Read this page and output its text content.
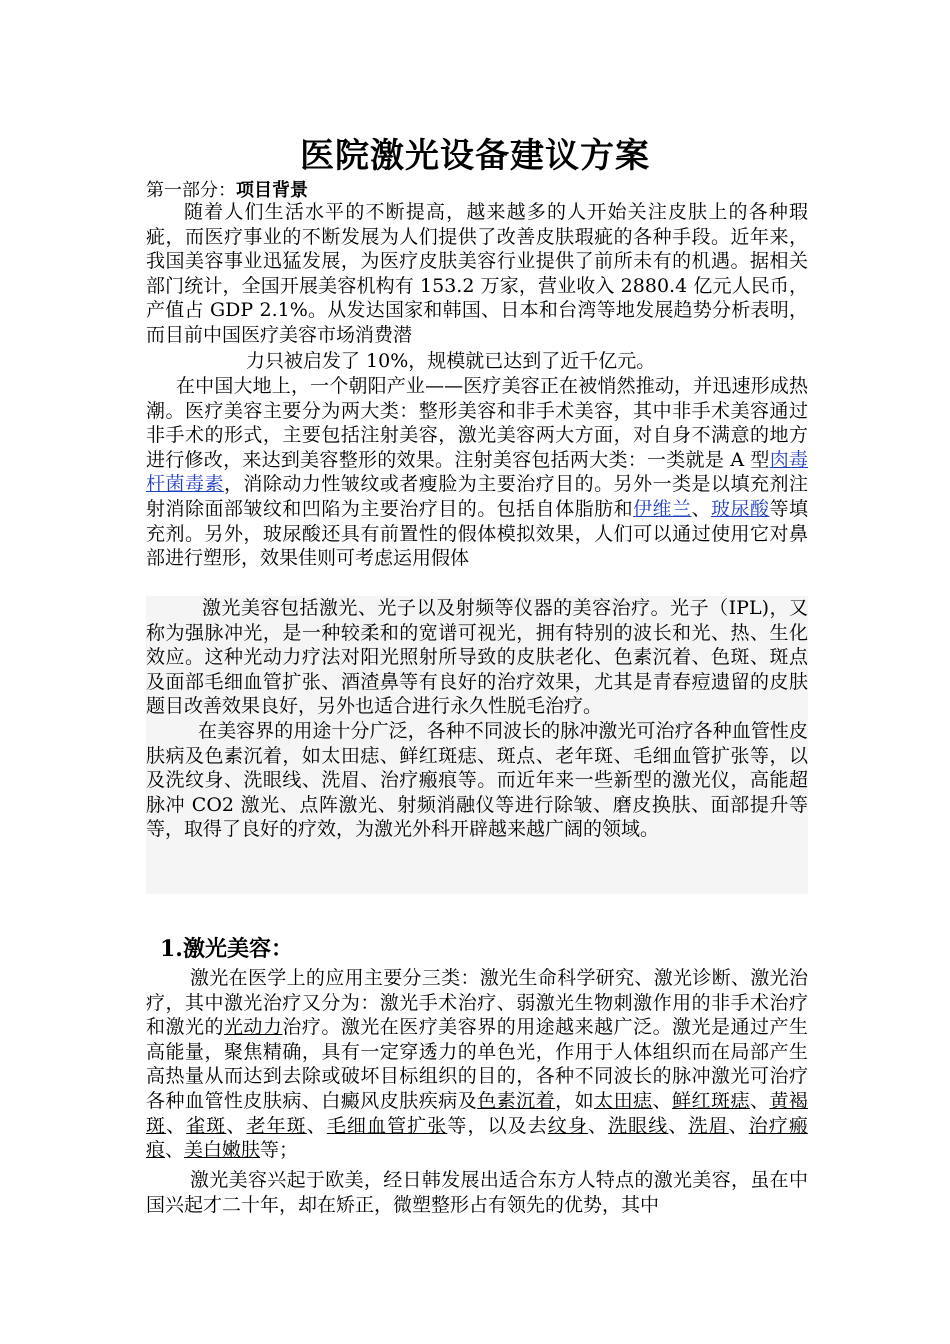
医院激光设备建议方案

第一部分：项目背景

随着人们生活水平的不断提高，越来越多的人开始关注皮肤上的各种瑕疵，而医疗事业的不断发展为人们提供了改善皮肤瑕疵的各种手段。近年来，我国美容事业迅猛发展，为医疗皮肤美容行业提供了前所未有的机遇。据相关部门统计，全国开展美容机构有 153.2 万家，营业收入 2880.4 亿元人民币，产值占 GDP 2.1%。从发达国家和韩国、日本和台湾等地发展趋势分析表明，而目前中国医疗美容市场消费潜

力只被启发了 10%，规模就已达到了近千亿元。

在中国大地上，一个朝阳产业——医疗美容正在被悄然推动，并迅速形成热潮。医疗美容主要分为两大类：整形美容和非手术美容，其中非手术美容通过非手术的形式，主要包括注射美容，激光美容两大方面，对自身不满意的地方进行修改，来达到美容整形的效果。注射美容包括两大类：一类就是 A 型肉毒杆菌毒素，消除动力性皱纹或者瘦脸为主要治疗目的。另外一类是以填充剂注射消除面部皱纹和凹陷为主要治疗目的。包括自体脂肪和伊维兰、玻尿酸等填充剂。另外，玻尿酸还具有前置性的假体模拟效果，人们可以通过使用它对鼻部进行塑形，效果佳则可考虑运用假体

激光美容包括激光、光子以及射频等仪器的美容治疗。光子（IPL)，又称为强脉冲光，是一种较柔和的宽谱可视光，拥有特别的波长和光、热、生化效应。这种光动力疗法对阳光照射所导致的皮肤老化、色素沉着、色斑、斑点及面部毛细血管扩张、酒渣鼻等有良好的治疗效果，尤其是青春痘遗留的皮肤题目改善效果良好，另外也适合进行永久性脱毛治疗。

在美容界的用途十分广泛，各种不同波长的脉冲激光可治疗各种血管性皮肤病及色素沉着，如太田痣、鲜红斑痣、斑点、老年斑、毛细血管扩张等，以及洗纹身、洗眼线、洗眉、治疗瘢痕等。而近年来一些新型的激光仪，高能超脉冲 CO2 激光、点阵激光、射频消融仪等进行除皱、磨皮换肤、面部提升等等，取得了良好的疗效，为激光外科开辟越来越广阔的领域。

1.激光美容：

激光在医学上的应用主要分三类：激光生命科学研究、激光诊断、激光治疗，其中激光治疗又分为：激光手术治疗、弱激光生物刺激作用的非手术治疗和激光的光动力治疗。激光在医疗美容界的用途越来越广泛。激光是通过产生高能量，聚焦精确，具有一定穿透力的单色光，作用于人体组织而在局部产生高热量从而达到去除或破坏目标组织的目的，各种不同波长的脉冲激光可治疗各种血管性皮肤病、白癜风皮肤疾病及色素沉着，如太田痣、鲜红斑痣、黄褐斑、雀斑、老年斑、毛细血管扩张等，以及去纹身、洗眼线、洗眉、治疗瘢痕、美白嫩肤等；

激光美容兴起于欧美，经日韩发展出适合东方人特点的激光美容，虽在中国兴起才二十年，却在矫正，微塑整形占有领先的优势，其中
